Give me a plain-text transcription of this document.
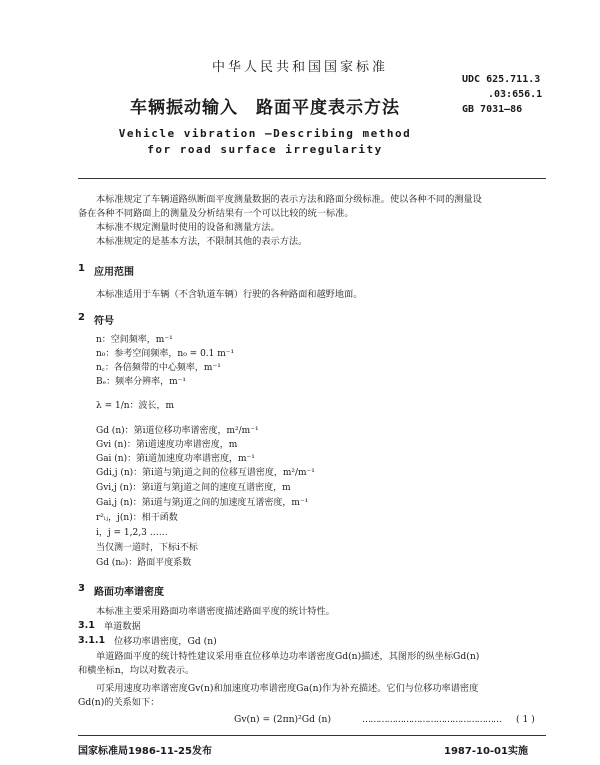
中华人民共和国国家标准
UDC 625.711.3
.03:656.1
GB 7031—86
车辆振动输入　路面平度表示方法
Vehicle vibration —Describing method
for road surface irregularity
本标准规定了车辆道路纵断面平度测量数据的表示方法和路面分级标准。使以各种不同的测量设
备在各种不同路面上的测量及分析结果有一个可以比较的统一标准。
本标准不规定测量时使用的设备和测量方法。
本标准规定的是基本方法，不限制其他的表示方法。
1 应用范围
本标准适用于车辆（不含轨道车辆）行驶的各种路面和越野地面。
2 符号
n：空间频率，m⁻¹
n₀：参考空间频率，n₀ = 0.1 m⁻¹
n꜀：各倍频带的中心频率，m⁻¹
Bₑ：频率分辨率，m⁻¹
λ = 1/n：波长，m
Gd (n)：第i道位移功率谱密度，m²/m⁻¹
Gvi (n)：第i道速度功率谱密度，m
Gai (n)：第i道加速度功率谱密度，m⁻¹
Gdi,j (n)：第i道与第j道之间的位移互谱密度，m²/m⁻¹
Gvi,j (n)：第i道与第j道之间的速度互谱密度，m
Gai,j (n)：第i道与第j道之间的加速度互谱密度，m⁻¹
r²ᵢⱼ，j(n)：相干函数
i，j = 1,2,3 ……
当仅测一道时，下标i不标
Gd (n₀)：路面平度系数
3 路面功率谱密度
本标准主要采用路面功率谱密度描述路面平度的统计特性。
3.1 单道数据
3.1.1 位移功率谱密度，Gd (n)
单道路面平度的统计特性建议采用垂直位移单边功率谱密度Gd(n)描述，其图形的纵坐标Gd(n)
和横坐标n，均以对数表示。
可采用速度功率谱密度Gv(n)和加速度功率谱密度Ga(n)作为补充描述。它们与位移功率谱密度
Gd(n)的关系如下：
Gv(n) = (2πn)²Gd (n)	…………………………………………… ( 1 )
国家标准局1986-11-25发布	1987-10-01实施
